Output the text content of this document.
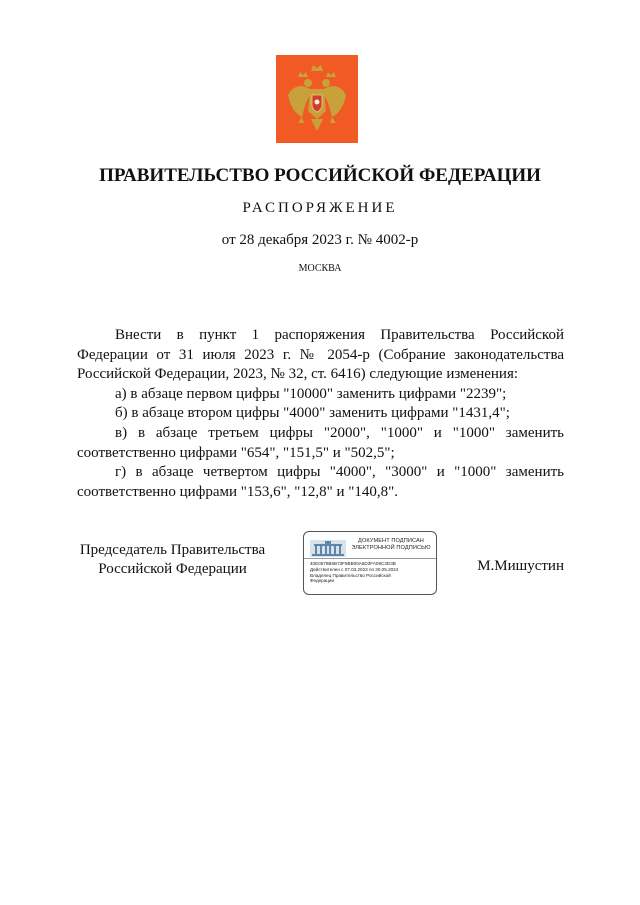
ПРАВИТЕЛЬСТВО РОССИЙСКОЙ ФЕДЕРАЦИИ
РАСПОРЯЖЕНИЕ
от 28 декабря 2023 г. № 4002-р
МОСКВА

Внести в пункт 1 распоряжения Правительства Российской Федерации от 31 июля 2023 г. № 2054-р (Собрание законодательства Российской Федерации, 2023, № 32, ст. 6416) следующие изменения:

а) в абзаце первом цифры "10000" заменить цифрами "2239";

б) в абзаце втором цифры "4000" заменить цифрами "1431,4";

в) в абзаце третьем цифры "2000", "1000" и "1000" заменить соответственно цифрами "654", "151,5" и "502,5";

г) в абзаце четвертом цифры "4000", "3000" и "1000" заменить соответственно цифрами "153,6", "12,8" и "140,8".

Председатель Правительства Российской Федерации
ДОКУМЕНТ ПОДПИСАН ЭЛЕКТРОННОЙ ПОДПИСЬЮ
40E0578B6B73F8BB00A6D3FA09C3D3B
Действителен с 07.03.2023 по 30.05.2024
Владелец Правительство Российской Федерации
М.Мишустин
